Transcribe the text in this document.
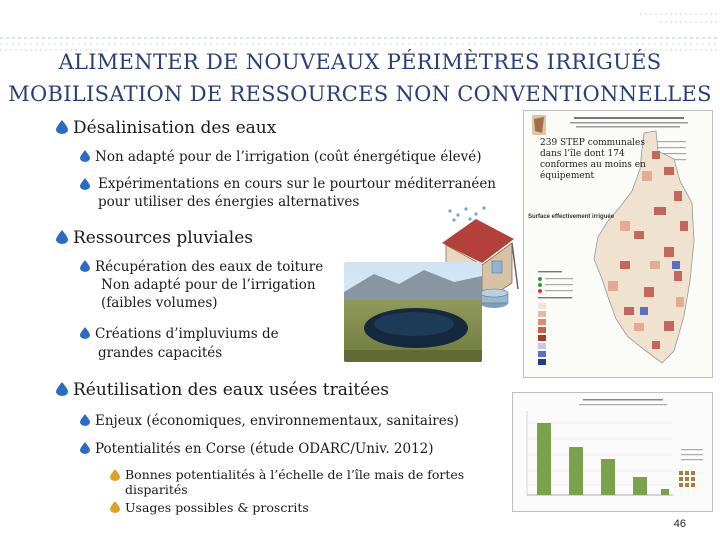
ALIMENTER DE NOUVEAUX PÉRIMÈTRES IRRIGUÉS
MOBILISATION DE RESSOURCES NON CONVENTIONNELLES
Désalinisation des eaux
Non adapté pour de l’irrigation (coût énergétique élevé)
Expérimentations en cours sur le pourtour méditerranéen pour utiliser des énergies alternatives
Ressources pluviales
Récupération des eaux de toiture
Non adapté pour de l’irrigation
(faibles volumes)
Créations d’impluviums de
grandes capacités
Réutilisation des eaux usées traitées
Enjeux (économiques, environnementaux, sanitaires)
Potentialités en Corse (étude ODARC/Univ. 2012)
Bonnes potentialités à l’échelle de l’île mais de fortes disparités
Usages possibles & proscrits
239 STEP communales dans l’île dont 174 conformes au moins en équipement
Surface effectivement irriguée
46
